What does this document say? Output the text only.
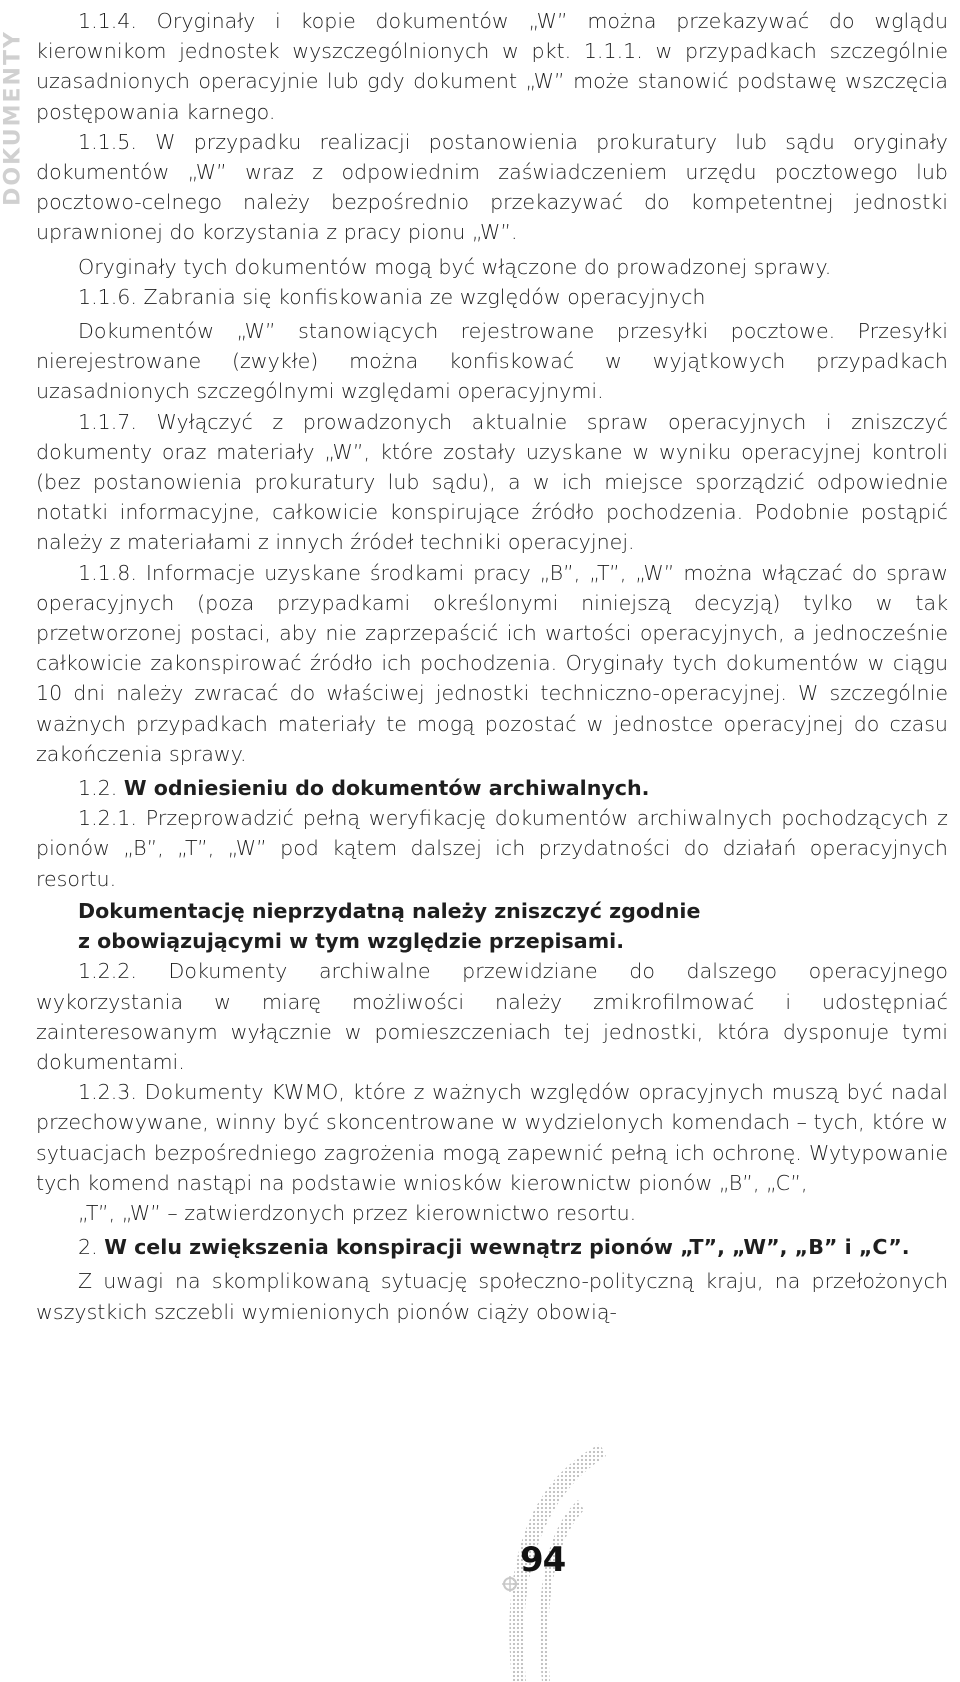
DOKUMENTY

1.1.4. Oryginały i kopie dokumentów „W” można przekazywać do wglądu kierownikom jednostek wyszczególnionych w pkt. 1.1.1. w przypadkach szczególnie uzasadnionych operacyjnie lub gdy dokument „W” może stanowić podstawę wszczęcia postępowania karnego.

1.1.5. W przypadku realizacji postanowienia prokuratury lub sądu oryginały dokumentów „W” wraz z odpowiednim zaświadczeniem urzędu pocztowego lub pocztowo-celnego należy bezpośrednio przekazywać do kompetentnej jednostki uprawnionej do korzystania z pracy pionu „W”.

Oryginały tych dokumentów mogą być włączone do prowadzonej sprawy.

1.1.6. Zabrania się konfiskowania ze względów operacyjnych

Dokumentów „W” stanowiących rejestrowane przesyłki pocztowe. Przesyłki nierejestrowane (zwykłe) można konfiskować w wyjątkowych przypadkach uzasadnionych szczególnymi względami operacyjnymi.

1.1.7. Wyłączyć z prowadzonych aktualnie spraw operacyjnych i zniszczyć dokumenty oraz materiały „W”, które zostały uzyskane w wyniku operacyjnej kontroli (bez postanowienia prokuratury lub sądu), a w ich miejsce sporządzić odpowiednie notatki informacyjne, całkowicie konspirujące źródło pochodzenia. Podobnie postąpić należy z materiałami z innych źródeł techniki operacyjnej.

1.1.8. Informacje uzyskane środkami pracy „B”, „T”, „W” można włączać do spraw operacyjnych (poza przypadkami określonymi niniejszą decyzją) tylko w tak przetworzonej postaci, aby nie zaprzepaścić ich wartości operacyjnych, a jednocześnie całkowicie zakonspirować źródło ich pochodzenia. Oryginały tych dokumentów w ciągu 10 dni należy zwracać do właściwej jednostki techniczno-operacyjnej. W szczególnie ważnych przypadkach materiały te mogą pozostać w jednostce operacyjnej do czasu zakończenia sprawy.

1.2. W odniesieniu do dokumentów archiwalnych.

1.2.1. Przeprowadzić pełną weryfikację dokumentów archiwalnych pochodzących z pionów „B”, „T”, „W” pod kątem dalszej ich przydatności do działań operacyjnych resortu.

Dokumentację nieprzydatną należy zniszczyć zgodnie
z obowiązującymi w tym względzie przepisami.

1.2.2. Dokumenty archiwalne przewidziane do dalszego operacyjnego wykorzystania w miarę możliwości należy zmikrofilmować i udostępniać zainteresowanym wyłącznie w pomieszczeniach tej jednostki, która dysponuje tymi dokumentami.

1.2.3. Dokumenty KWMO, które z ważnych względów opracyjnych muszą być nadal przechowywane, winny być skoncentrowane w wydzielonych komendach – tych, które w sytuacjach bezpośredniego zagrożenia mogą zapewnić pełną ich ochronę. Wytypowanie tych komend nastąpi na podstawie wniosków kierownictw pionów „B”, „C”,

„T”, „W” – zatwierdzonych przez kierownictwo resortu.

2. W celu zwiększenia konspiracji wewnątrz pionów „T”, „W”, „B” i „C”.

Z uwagi na skomplikowaną sytuację społeczno-polityczną kraju, na przełożonych wszystkich szczebli wymienionych pionów ciąży obowią-

94
